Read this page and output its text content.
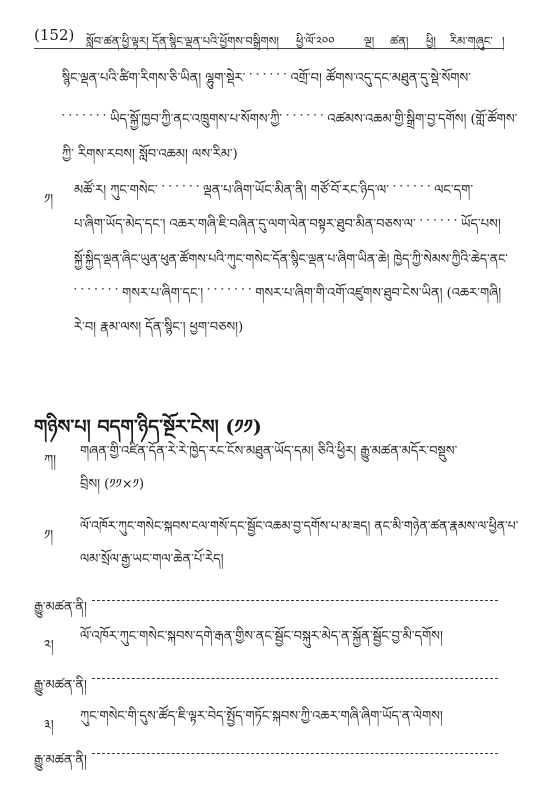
(152) སློབ་ཚན་ཕྱི་ལྟར། དོན་སྙིང་ལྡན་པའི་ཕྱོགས་བསྒྲིགས། ཕྱི་ལོ་༢༠༠	ལྔ། ཚན། ཕྱི། རིམ་གཞུང་ །
སྙིང་ལྡན་པའི་ཚིག་རིགས་ཅི་ཡིན། ལྷུག་སྡེར་ ་ ་ ་ ་ ་ ་ འགྲོ་བ། ཚོགས་འདུ་དང་མཐུན་དུ་སྡེ་སོགས་
་ ་ ་ ་ ་ ་ ་ ཡིད་སྐྱོ་ཁྱབ་ཀྱི་ནང་འཁྲུགས་པ་སོགས་ཀྱི་ ་ ་ ་ ་ ་ ་ འཚམས་འཆམ་གྱི་སྒྲིག་བྱ་དགོས། (གློ་ཚོགས་
ཀྱི་ རིགས་རབས། སློབ་འཆམ། ལས་རིམ་)
༡།
མཚོ་ར། ཀུང་གསེང་ ་ ་ ་ ་ ་ ་ ལྡན་པ་ཞིག་ཡོང་མིན་ནི། གཙོ་བོ་རང་ཉིད་ལ་ ་ ་ ་ ་ ་ ་ ལང་དག་
པ་ཞིག་ཡོད་མེད་དང་། འཆར་གཞི་ཇི་བཞིན་དུ་ལག་ལེན་བསྟར་ཐུབ་མིན་བཅས་ལ་ ་ ་ ་ ་ ་ ་ ཡོད་པས།
སྐྱོ་སྐྱིད་ལྡན་ཞིང་ཡུན་ཕུན་ཚོགས་པའི་ཀུང་གསེང་དོན་སྙིང་ལྡན་པ་ཞིག་ཡིན་ཆེ། ཁྱེད་ཀྱི་སེམས་ཀྱིའི་ཆེད་ནང་
་ ་ ་ ་ ་ ་ ་ གསར་པ་ཞིག་དང་། ་ ་ ་ ་ ་ ་ ་ གསར་པ་ཞིག་གི་འགོ་འཛུགས་ཐུབ་ངེས་ཡིན། (འཆར་གཞི།
རེ་བ། རྣམ་ལས། དོན་སྙིང་། ཕྱག་བཅས།)
གཉིས་པ། བདག་ཉིད་སྔོར་ངེས། (༡༡)
ཀ།
གཞན་གྱི་འཛིན་དོན་རེ་རེ་ཁྱེད་རང་ངོས་མཐུན་ཡོད་དམ། ཅིའི་ཕྱིར། རྒྱུ་མཚན་མདོར་བསྡུས་
བྲིས། (༡༡×༡)
༡།
ལོ་འཁོར་ཀུང་གསེང་སྐབས་ངལ་གསོ་དང་སྦྱོང་འཆམ་བྱ་དགོས་པ་མ་ཟད། ནང་མི་གཉེན་ཚན་རྣམས་ལ་ཕྱིན་པ་
ལམ་སྲོལ་རྒྱ་ཡང་གལ་ཆེན་པོ་རེད།
རྒྱུ་མཚན་ནི།
༢།
ལོ་འཁོར་ཀུང་གསེང་སྐབས་དགེ་རྒན་གྱིས་ནང་སྦྱོང་བསྐུར་མེད་ན་སྐྱོན་སྦྱོང་བྱ་མི་དགོས།
རྒྱུ་མཚན་ནི།
༣།
ཀུང་གསེང་གི་དུས་ཚོད་ཇི་ལྟར་བེད་སྤྱོད་གཏོང་སྐབས་ཀྱི་འཆར་གཞི་ཞིག་ཡོད་ན་ལེགས།
རྒྱུ་མཚན་ནི།
